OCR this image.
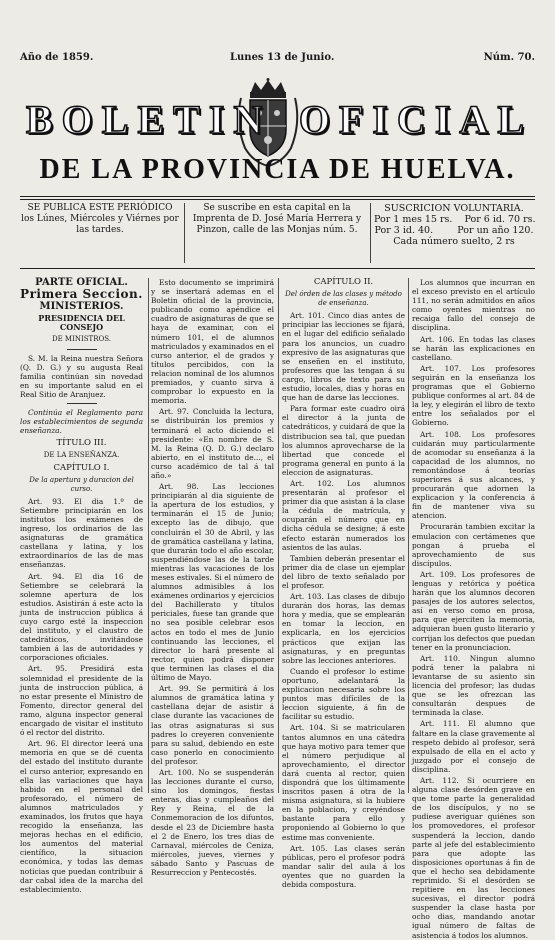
Año de 1859.	Lunes 13 de Junio.	Núm. 70.
BOLETIN OFICIAL
DE LA PROVINCIA DE HUELVA.
SE PUBLICA ESTE PERIÓDICO los Lúnes, Miércoles y Viérnes por las tardes.
Se suscribe en esta capital en la Imprenta de D. José María Herrera y Pinzon, calle de las Monjas núm. 5.
SUSCRICION VOLUNTARIA.
Por 1 mes 15 rs.    Por 6 id. 70 rs.
Por 3 id. 40.        Por un año 120.
Cada número suelto, 2 rs
PARTE OFICIAL.
Primera Seccion.
MINISTERIOS.
PRESIDENCIA DEL CONSEJO
DE MINISTROS.

S. M. la Reina nuestra Señora (Q. D. G.) y su augusta Real familia continúan sin novedad en su importante salud en el Real Sitio de Aranjuez.

Continúa el Reglamento para los establecimientos de segunda enseñanza.

TÍTULO III.
DE LA ENSEÑANZA.
CAPÍTULO I.
De la apertura y duracion del curso.

Art. 93. El dia 1.º de Setiembre principiarán en los institutos los exámenes de ingreso, los ordinarios de las asignaturas de gramática castellana y latina, y los extraordinarios de las de mas enseñanzas.

Art. 94. El dia 16 de Setiembre se celebrará la solemne apertura de los estudios. Asistirán á este acto la junta de instruccion pública á cuyo cargo esté la inspeccion del instituto, y el claustro de catedráticos, invitándose tambien á las de autoridades y corporaciones oficiales.

Art. 95. Presidirá esta solemnidad el presidente de la junta de instruccion pública, á no estar presente el Ministro de Fomento, director general del ramo, alguna inspector general encargado de visitar el instituto ó el rector del distrito.

Art. 96. El director leerá una memoria en que se dé cuenta del estado del instituto durante el curso anterior, expresando en ella las variaciones que haya habido en el personal del profesorado, el número de alumnos matriculados y examinados, los frutos que haya recogido la enseñanza, las mejoras hechas en el edificio, los aumentos del material científico, la situacion económica, y todas las demas noticias que puedan contribuir á dar cabal idea de la marcha del establecimiento.

Esto documento se imprimirá y se insertará ademas en el Boletin oficial de la provincia, publicando como apéndice el cuadro de asignaturas de que se haya de examinar, con el número 101, el de alumnos matriculados y examinados en el curso anterior, el de grados y títulos percibidos, con la relacion nominal de los alumnos premiados, y cuanto sirva á comprobar lo expuesto en la memoria.

Art. 97. Concluida la lectura, se distribuirán los premios y terminará el acto diciendo el presidente: «En nombre de S. M. la Reina (Q. D. G.) declaro abierto, en el instituto de..., el curso académico de tal á tal año.»

Art. 98. Las lecciones principiarán al dia siguiente de la apertura de los estudios, y terminarán el 15 de Junio; excepto las de dibujo, que concluirán el 30 de Abril, y las de gramática castellana y latina, que durarán todo el año escolar, suspendiéndose las de la tarde mientras las vacaciones de los meses estivales. Si el número de alumnos admisibles á los exámenes ordinarios y ejercicios del Bachillerato y títulos periciales, fuese tan grande que no sea posible celebrar esos actos en todo el mes de Junio continuando las lecciones, el director lo hará presente al rector, quien podrá disponer que terminen las clases el dia último de Mayo.

Art. 99. Se permitirá á los alumnos de gramática latina y castellana dejar de asistir á clase durante las vacaciones de las otras asignaturas si sus padres lo creyeren conveniente para su salud, debiendo en este caso ponerlo en conocimiento del profesor.

Art. 100. No se suspenderán las lecciones durante el curso, sino los domingos, fiestas enteras, dias y cumpleaños del Rey y Reina, el de la Conmemoracion de los difuntos, desde el 23 de Diciembre hasta el 2 de Enero, los tres dias de Carnaval, miércoles de Ceniza, miércoles, jueves, viernes y sábado Santo y Pascuas de Resurreccion y Pentecostés.

CAPÍTULO II.
Del órden de las clases y método de enseñanza.

Art. 101. Cinco dias antes de principiar las lecciones se fijará, en el lugar del edificio señalado para los anuncios, un cuadro expresivo de las asignaturas que se enseñen en el instituto, profesores que las tengan á su cargo, libros de texto para su estudio, locales, dias y horas en que han de darse las lecciones.

Para formar este cuadro oirá el director á la junta de catedráticos, y cuidará de que la distribucion sea tal, que puedan los alumnos aprovecharse de la libertad que concede el programa general en punto á la eleccion de asignaturas.

Art. 102. Los alumnos presentarán al profesor el primer dia que asistan á la clase la cédula de matrícula, y ocuparán el número que en dicha cédula se designe; á este efecto estarán numerados los asientos de las aulas.

Tambien deberán presentar el primer dia de clase un ejemplar del libro de texto señalado por el profesor.

Art. 103. Las clases de dibujo durarán dos horas, las demas hora y media, que se emplearán en tomar la leccion, en explicarla, en los ejercicios prácticos que exijan las asignaturas, y en preguntas sobre las lecciones anteriores.

Cuando el profesor lo estime oportuno, adelantará la explicacion necesaria sobre los puntos mas difíciles de la leccion siguiente, á fin de facilitar su estudio.

Art. 104. Si se matricularen tantos alumnos en una cátedra que haya motivo para temer que el número perjudique al aprovechamiento, el director dará cuenta al rector, quien dispondrá que los últimamente inscritos pasen á otra de la misma asignatura, si la hubiere en la poblacion, y creyéndose bastante para ello y proponiendo al Gobierno lo que estime mas conveniente.

Art. 105. Las clases serán públicas, pero el profesor podrá mandar salir del aula á los oyentes que no guarden la debida compostura.

Los alumnos que incurran en el exceso previsto en el artículo 111, no serán admitidos en años como oyentes mientras no recaiga fallo del consejo de disciplina.

Art. 106. En todas las clases se harán las explicaciones en castellano.

Art. 107. Los profesores seguirán en la enseñanza los programas que el Gobierno publique conformes al art. 84 de la ley, y elegirán el libro de texto entre los señalados por el Gobierno.

Art. 108. Los profesores cuidarán muy particularmente de acomodar su enseñanza á la capacidad de los alumnos, no remontándose á teorías superiores á sus alcances, y procurarán que adornen la explicacion y la conferencia á fin de mantener viva su atencion.

Procurarán tambien excitar la emulacion con certámenes que pongan á prueba el aprovechamiento de sus discípulos.

Art. 109. Los profesores de lenguas y retórica y poética harán que los alumnos decoren pasajes de los autores selectos, así en verso como en prosa, para que ejerciten la memoria, adquieran buen gusto literario y corrijan los defectos que puedan tener en la pronunciacion.

Art. 110. Ningun alumno podrá tener la palabra ni levantarse de su asiento sin licencia del profesor; las dudas que se les ofrezcan las consultarán despues de terminada la clase.

Art. 111. El alumno que faltare en la clase gravemente al respeto debido al profesor, será expulsado de ella en el acto y juzgado por el consejo de disciplina.

Art. 112. Si ocurriere en alguna clase desórden grave en que tome parte la generalidad de los discípulos, y no se pudiese averiguar quiénes son los promovedores, el profesor suspenderá la leccion, dando parte al jefe del establecimiento para que adopte las disposiciones oportunas á fin de que el hecho sea debidamente reprimido. Si el desórden se repitiere en las lecciones sucesivas, el director podrá suspender la clase hasta por ocho dias, mandando anotar igual número de faltas de asistencia á todos los alumnos.
